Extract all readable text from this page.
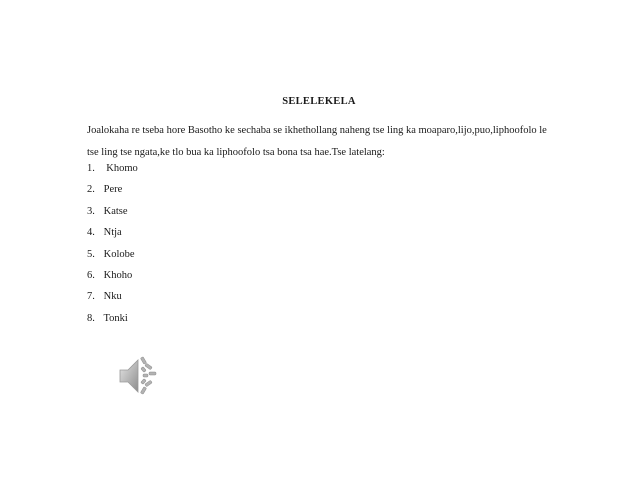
SELELEKELA

Joalokaha re tseba hore Basotho ke sechaba se ikhethollang naheng tse ling ka moaparo,lijo,puo,liphoofolo le tse ling tse ngata,ke tlo bua ka liphoofolo tsa bona tsa hae.Tse latelang:

1.  Khomo
2. Pere
3. Katse
4. Ntja
5. Kolobe
6. Khoho
7. Nku
8. Tonki
